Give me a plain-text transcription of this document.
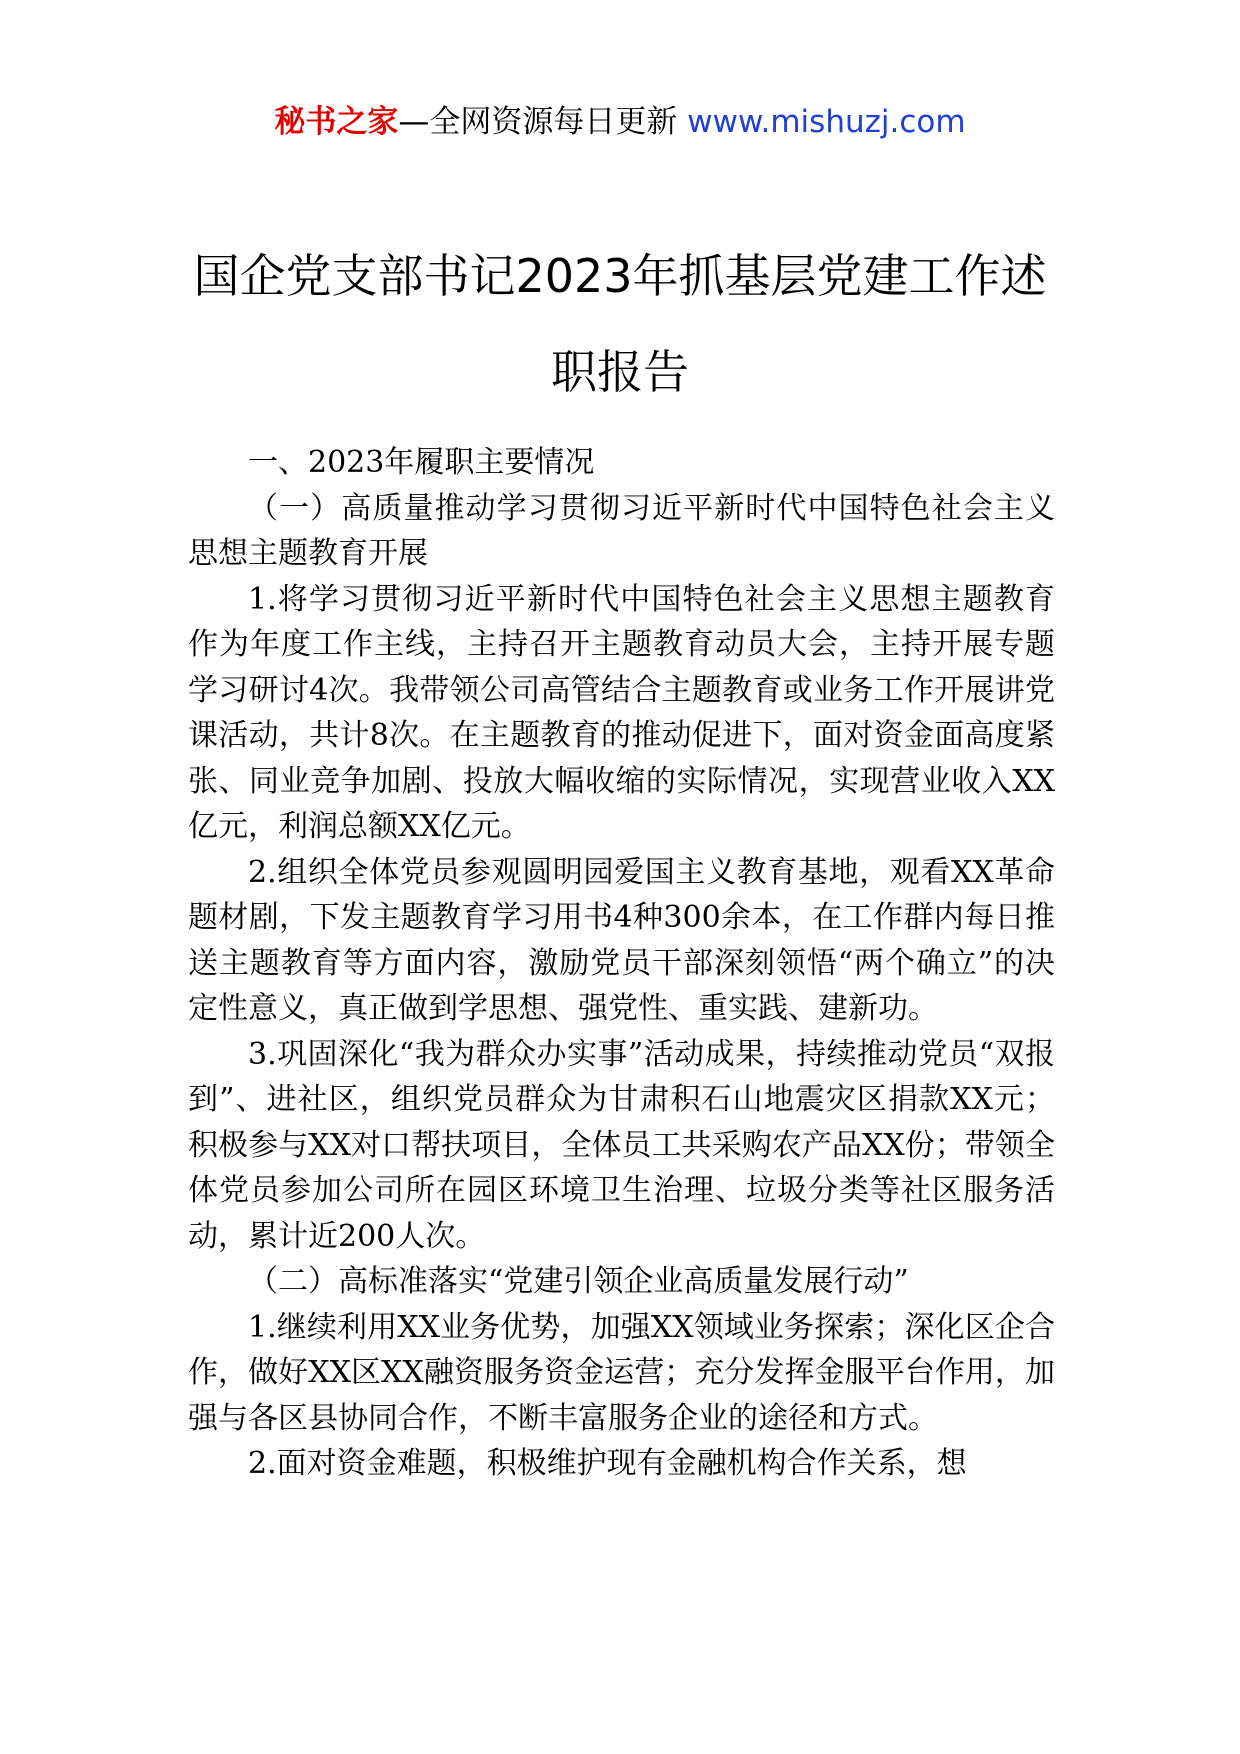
秘书之家—全网资源每日更新 www.mishuzj.com
国企党支部书记2023年抓基层党建工作述
职报告

一、2023年履职主要情况

（一）高质量推动学习贯彻习近平新时代中国特色社会主义思想主题教育开展

1.将学习贯彻习近平新时代中国特色社会主义思想主题教育作为年度工作主线，主持召开主题教育动员大会，主持开展专题学习研讨4次。我带领公司高管结合主题教育或业务工作开展讲党课活动，共计8次。在主题教育的推动促进下，面对资金面高度紧张、同业竞争加剧、投放大幅收缩的实际情况，实现营业收入XX亿元，利润总额XX亿元。

2.组织全体党员参观圆明园爱国主义教育基地，观看XX革命题材剧，下发主题教育学习用书4种300余本，在工作群内每日推送主题教育等方面内容，激励党员干部深刻领悟“两个确立”的决定性意义，真正做到学思想、强党性、重实践、建新功。

3.巩固深化“我为群众办实事”活动成果，持续推动党员“双报到”、进社区，组织党员群众为甘肃积石山地震灾区捐款XX元；积极参与XX对口帮扶项目，全体员工共采购农产品XX份；带领全体党员参加公司所在园区环境卫生治理、垃圾分类等社区服务活动，累计近200人次。

（二）高标准落实“党建引领企业高质量发展行动”

1.继续利用XX业务优势，加强XX领域业务探索；深化区企合作，做好XX区XX融资服务资金运营；充分发挥金服平台作用，加强与各区县协同合作，不断丰富服务企业的途径和方式。

2.面对资金难题，积极维护现有金融机构合作关系，想
